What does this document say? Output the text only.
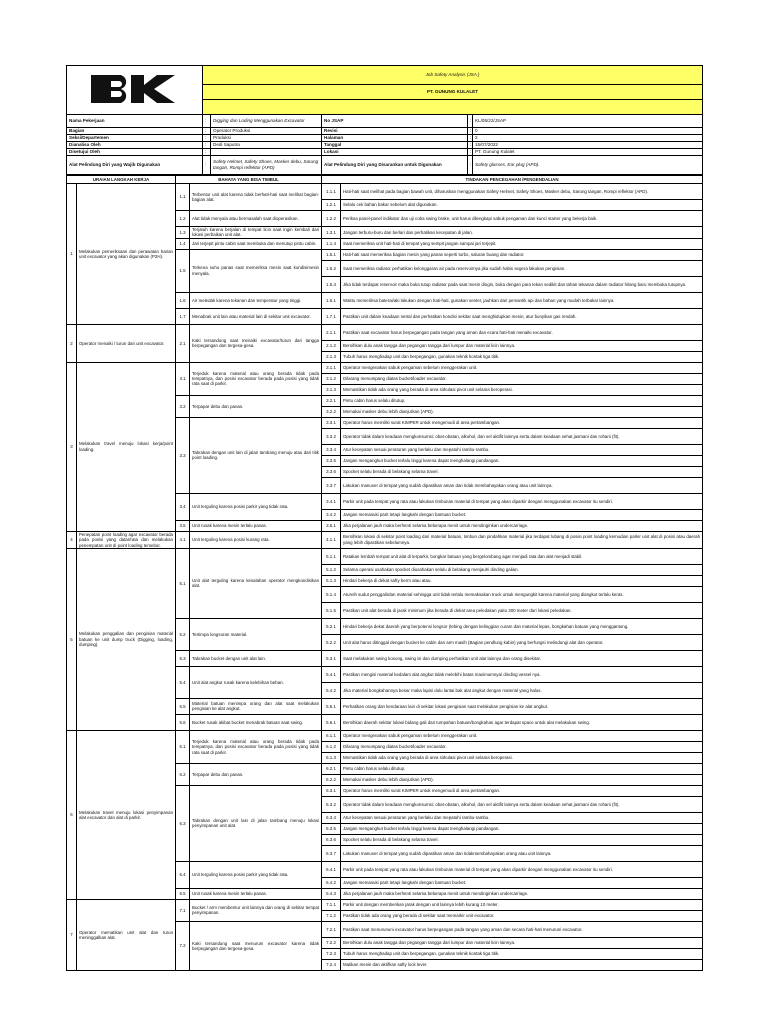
	Job Safety Analysis (JSA )				
	PT. GUNUNG KULALET				

Nama Pekerjaan	:	Digging dan Loding Menggunakan Excavator	No JSAP	:	KL/05/22/JSAP
Bagian	:	Operator Produksi	Revisi	:	0
Seksi/Departemen	:	Produksi	Halaman	:	2
Dianalisa Oleh	:	Dedi Saputra	Tanggal	:	15/07/2022
Disetujui Oleh	:		Lokasi	:	PT. Gunung Kulalet
Alat Pelindung Diri yang Wajib Digunakan	:	Safety Helmet, Safety Shoes, Masker debu, Sarung tangan, Rompi reflektor (APD)	Alat Pelindung Diri yang Disarankan untuk Digunakan	:	Safety glasses, Ear plug (APD).
URAIAN LANGKAH KERJA		BAHAYA YANG BISA TIMBUL		TINDAKAN PENCEGAHAN /PENGENDALIAN	
1	Melakukan pemeriksaan dan perawatan harian unit excavator yang akan digunakan (P2H).	1.1	Terbentur unit alat karena tidak berhati-hati saat melihat bagian-bagian alat.	1.1.1	Hati-hati saat melihat pada bagian bawah unit, diharuskan menggunakan Safety Helmet, Safety Shoes, Masker debu, Sarung tangan, Rompi reflektor (APD).
				1.2.1	Selalu cek bahan bakar sebelum alat digunakan.
		1.2	Alat tidak menyala atau bermasalah saat dioperasikan.	1.2.2	Periksa panel-panel indikator dan uji coba swing brake, unit harus dilengkapi sabuk pengaman dan kunci starter yang bekerja baik.
		1.3	Terjatuh karena berjalan di tempat licin saat ingin kembali dari lokasi perbaikan unit alat.	1.3.1	Jangan terburu-buru dan berlari dan perhatikan kecepatan di jalan.
		1.4	Jari terjepit pintu cabin saat membuka dan menutup pintu cabin.	1.1.4	Saat memeriksa unit hati-hati di tempat yang sempit jangan sampai jari terjepit.
		1.5	Terkena suhu panas saat memeriksa mesin saat kondisimesin menyala.	1.5.1	Hati-hati saat memeriksa bagian mesin yang panas seperti turbo, saluran buang dan radiator.
				1.5.2	Saat memeriksa radiator perhatikan kelonggaran air pada reservoirnya jika sudah habis segera lakukan pengisian.
				1.5.3	Jika tidak terdapat reservoir maka buka tutup radiator pada saat mesin dingin, buka dengan para tekan sedikit dan tahan tekanan dalam radiator hilang baru membuka tutupnya.
		1.6	Air meledak karena tekanan dan temperatur yang tinggi.	1.6.1	Waktu memeriksa baterai/aki lakukan dengan hati-hati, gunakan senter, jauhkan dari pemantik api dan bahan yang mudah terbakar lainnya.
		1.7	Menabrak unit lain atau material lain di sekitar unit excavator.	1.7.1	Pastikan unit dalam keadaan netral dan perhatikan kondisi sekitar saat menghidupkan mesin, atur bunyikan gas rendah.
2	Operator menaiki / turun dari unit excavator.	2.1	Kaki tersandung saat menaiki excavator/turun dari tangga berpegangan dan tergesa-gesa.	2.1.1	Pastikan saat excavator harus berpegangan pada tangan yang aman dan ecara hati-hati menaiki excavator.
				2.1.2	Bersihkan dulu anak tangga dan pegangan tangga dari lumpur dan material licin lainnya.
				2.1.3	Tubuh harus menghadap unit dan berpegangan, gunakan teknik kontak tiga titik.
3	Melakukan travel menuju lokasi kerja/point loading.	3.1	Terjeduk karena material atau orang berada tidak pada tempatnya, dan posisi excavator berada pada posisi yang tidak rata saat di parkir.	3.1.1	Operator mengenakan sabuk pengaman sebelum menggerakan unit.
				3.1.2	Dilarang menumpang diatas bucket/loader excavator.
				3.1.3	Memastikan tidak ada orang yang berada di area sirkulasi pivot unit selama beroperasi.
		3.2	Terpapar debu dan panas.	3.2.1	Pintu cabin harus selalu ditutup.
				3.2.2	Memakai masker debu lebih dianjurkan (APD).
		3.3	Tabrakan dengan unit lain di jalan tambang menuju atau dari titik point loading.	3.3.1	Operator harus memiliki surat KIMPER untuk mengemudi di area pertambangan.
				3.3.2	Operator tidak dalam keadaan mengkonsumsi: obat-obatan, alkohol, dan sel aktifit lainnya serta dalam keadaan sehat jasmani dan rohani (fit).
				3.3.4	Atur kecepatan sesuai peraturan yang berlaku dan mepatuhi rambu-rambu.
				3.3.5	Jangan mengangkut bucket terlalu tinggi karena dapat menghalangi pandangan.
				3.3.6	Spocket selalu berada di belakang selama travel.
				3.3.7	Lakukan manuver di tempat yang sudah dipastikan aman dan tidak membahayakan orang atau unit lainnya.
		3.4	Unit terguling karena posisi parkir yang tidak rata.	3.4.1	Parkir unit pada tempat yang rata atau lakukan timbunan material di tempat yang akan diparkir dengan menggunakan excavator itu sendiri.
				3.4.2	Jangan memasuki parit tetapi langkahi dengan bantuan bucket.
		3.5	Unit rusak karena mesin terlalu panas.	3.5.1	Jika perjalanan jauh maka berhenti selama beberapa menit untuk mendinginkan undercarriage.
4	Penepatan point loading agar excavator berada pada posisi yang datar/rata dan melakukan penempatan unit di point loading tersebut.	4.1	Unit terguling karena posisi kurang rata.	4.1.1	Bersihkan lokasi di sekitar point loading dari material batuan, timbun dan pindahkan material jika terdapat lubang di posisi point loading kemudian parkir unit alat di posisi atau daerah yang lebih dipastikan sebelumnya.
5	Melakukan penggalian dan pengisian material batuan ke unit dump truck (Digging, loading, dumping).	5.1	Unit alat terguling karena kesalahan operator mengkondisikan alat.	5.1.1	Ratakan lembah tempat unit alat di terparkir, bongkar batuan yang bergelombang agar menjadi rata dan alat menjadi stabil.
				5.1.2	Selama operasi usahakan spocket diusahakan selalu di belakang menjauhi dinding galian.
				5.1.3	Hindari bekerja di dekat safty berm atau atau.
				5.1.4	Atureih sudut penggalirdan material sehingga unit tidak terlalu memaksakan truck untuk mengungkit karena material yang diangkut terlalu keras.
				5.1.5	Pastikan unit alat berada di jarak minimum jika berada di dekat area peledakan yaitu 300 meter dari lokasi peledakan.
		5.2	Tertimpa longsoran material.	5.2.1	Hindari bekerja dekat daerah yang berpotensi longsor (tebing dengan kelinggian curam dan material lepas, bongkahan batuan yang menggantung.
				5.2.2	Unit alat harus ditinggal dengan bucket ke cabin dan arm masih (Bagian pendlung kabin) yang berfungsi melindungi alat dan operator.
		5.3	Tabrakan bucket dengan unit alat lain.	5.3.1	Saat melakukan swing kosong, swing isi dan dumping perhatikan unit alat lainnya dan orang disekitar.
		5.4	Unit alat angkut rusak karena kelebihan beban.	5.4.1	Pastikan mengisi material kedalam alat angkut tidak melebihi batas maximumnya/ dinding vessel nya.
				5.4.2	Jika material bongkahannya besar maka lapisi dulu lantai bak alat angkut dengan material yang halus.
		5.5	Material batuan menimpa orang dan alat saat melakukan pengisian ke alat angkut.	5.5.1	Perhatikan orang dan kendaraan lain di sekitar lokasi pengisian saat melakukan pengisian ke alat angkut.
		5.6	Bucket rusak akibat bucket menabrak batuan saat swing.	5.6.1	Bersihkan daerah sekitar lokasi bidang gali dari tumpahan batuan/bongkahan agar terdapat space untuk alat melakukan swing.
6	Melakukan travel menuju lokasi penyimpanan alat excavator dan alat di parkir.	6.1	Terjeduk karena material atau orang berada tidak pada tempatnya, dan posisi excavator berada pada posisi yang tidak rata saat di parkir.	6.1.1	Operator mengenakan sabuk pengaman sebelum menggerakan unit.
				6.1.2	Dilarang menumpang diatas bucket/loader excavator.
				6.1.3	Memastikan tidak ada orang yang berada di area sirkulasi pivot unit selama beroperasi.
		6.2	Terpapar debu dan panas.	6.2.1	Pintu cabin harus selalu ditutup.
				6.2.2	Memakai masker debu lebih dianjurkan (APD).
		6.3	Tabrakan dengan unit lain di jalan tambang menuju lokasi penyimpanan unit alat.	6.3.1	Operator harus memiliki surat KIMPER untuk mengemudi di area pertambangan.
				6.3.2	Operator tidak dalam keadaan mengkonsumsi: obat-obatan, alkohol, dan sel aktifit lainnya serta dalam keadaan sehat jasmani dan rohani (fit).
				6.3.4	Atur kecepatan sesuai peraturan yang berlaku dan mepatuhi rambu-rambu.
				6.3.5	Jangan mengangkut bucket terlalu tinggi karena dapat menghalangi pandangan.
				6.3.6	Spocket selalu berada di belakang selama travel.
				6.3.7	Lakukan manuver di tempat yang sudah dipastikan aman dan tidakmembahayakan orang atau unit lainnya.
		6.4	Unit terguling karena posisi parkir yang tidak rata.	6.4.1	Parkir unit pada tempat yang rata atau lakukan timbunan material di tempat yang akan diparkir dengan menggunakan excavator itu sendiri.
				6.4.2	Jangan memasuki parit tetapi langkahi dengan bantuan bucket.
		6.5	Unit rusak karena mesin terlalu panas.	6.4.3	Jika perjalanan jauh maka berhenti selama beberapa menit untuk mendinginkan undercarriage.
7	Operator mematikan unit alat dan turun meninggalkan alat.	7.1	Bucket / arm membentur unit lainnya dan orang di sekitar tempat penyimpanan.	7.1.1	Parkir unit dengan memberikan jarak dengan unit lainnya lebih kurang 10 meter.
				7.1.2	Pastikan tidak ada orang yang berada di sekitar saat memarkir unit excavator.
		7.2	Kaki tersandung saat menuruni excavator karena tidak berpegangan dan tergesa-gesa.	7.2.1	Pastikan saat menurununi excavator harus berpegangan pada tangan yang aman dan secara hati-hati menuruni excavator.
				7.2.2	Bersihkan dulu anak tangga dan pegangan tangga dari lumpur dan material licin lainnya.
				7.2.3	Tubuh harus menghadap unit dan berpegangan, gunakan teknik kontak tiga titik.
				7.2.4	Matikan mesin dan aktifkan safty lock lever.
